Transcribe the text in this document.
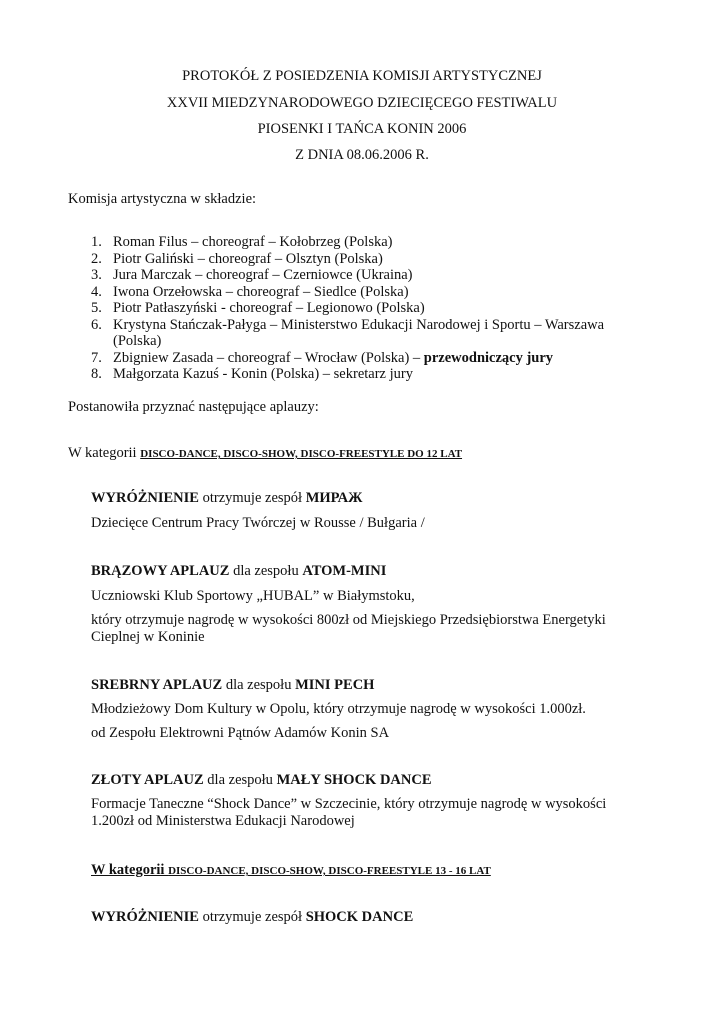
PROTOKÓŁ Z POSIEDZENIA KOMISJI ARTYSTYCZNEJ
XXVII MIEDZYNARODOWEGO DZIECIĘCEGO FESTIWALU
PIOSENKI I TAŃCA KONIN 2006
Z DNIA 08.06.2006 R.
Komisja artystyczna w składzie:
1. Roman Filus – choreograf – Kołobrzeg (Polska)
2. Piotr Galiński – choreograf – Olsztyn (Polska)
3. Jura Marczak – choreograf – Czerniowce (Ukraina)
4. Iwona Orzełowska – choreograf – Siedlce (Polska)
5. Piotr Patłaszyński - choreograf – Legionowo (Polska)
6. Krystyna Stańczak-Pałyga – Ministerstwo Edukacji Narodowej i Sportu – Warszawa (Polska)
7. Zbigniew Zasada – choreograf – Wrocław (Polska) – przewodniczący jury
8. Małgorzata Kazuś - Konin (Polska) – sekretarz jury
Postanowiła przyznać następujące aplauzy:
W kategorii DISCO-DANCE, DISCO-SHOW, DISCO-FREESTYLE DO 12 LAT
WYRÓŻNIENIE otrzymuje zespół МИРАЖ
Dziecięce Centrum Pracy Twórczej w Rousse / Bułgaria /
BRĄZOWY APLAUZ dla zespołu ATOM-MINI
Uczniowski Klub Sportowy „HUBAL” w Białymstoku,
który otrzymuje nagrodę w wysokości 800zł od Miejskiego Przedsiębiorstwa Energetyki Cieplnej w Koninie
SREBRNY APLAUZ dla zespołu MINI PECH
Młodzieżowy Dom Kultury w Opolu, który otrzymuje nagrodę w wysokości 1.000zł.
od Zespołu Elektrowni Pątnów Adamów Konin SA
ZŁOTY APLAUZ dla zespołu MAŁY SHOCK DANCE
Formacje Taneczne “Shock Dance” w Szczecinie, który otrzymuje nagrodę w wysokości 1.200zł od Ministerstwa Edukacji Narodowej
W kategorii DISCO-DANCE, DISCO-SHOW, DISCO-FREESTYLE 13 - 16 LAT
WYRÓŻNIENIE otrzymuje zespół SHOCK DANCE
